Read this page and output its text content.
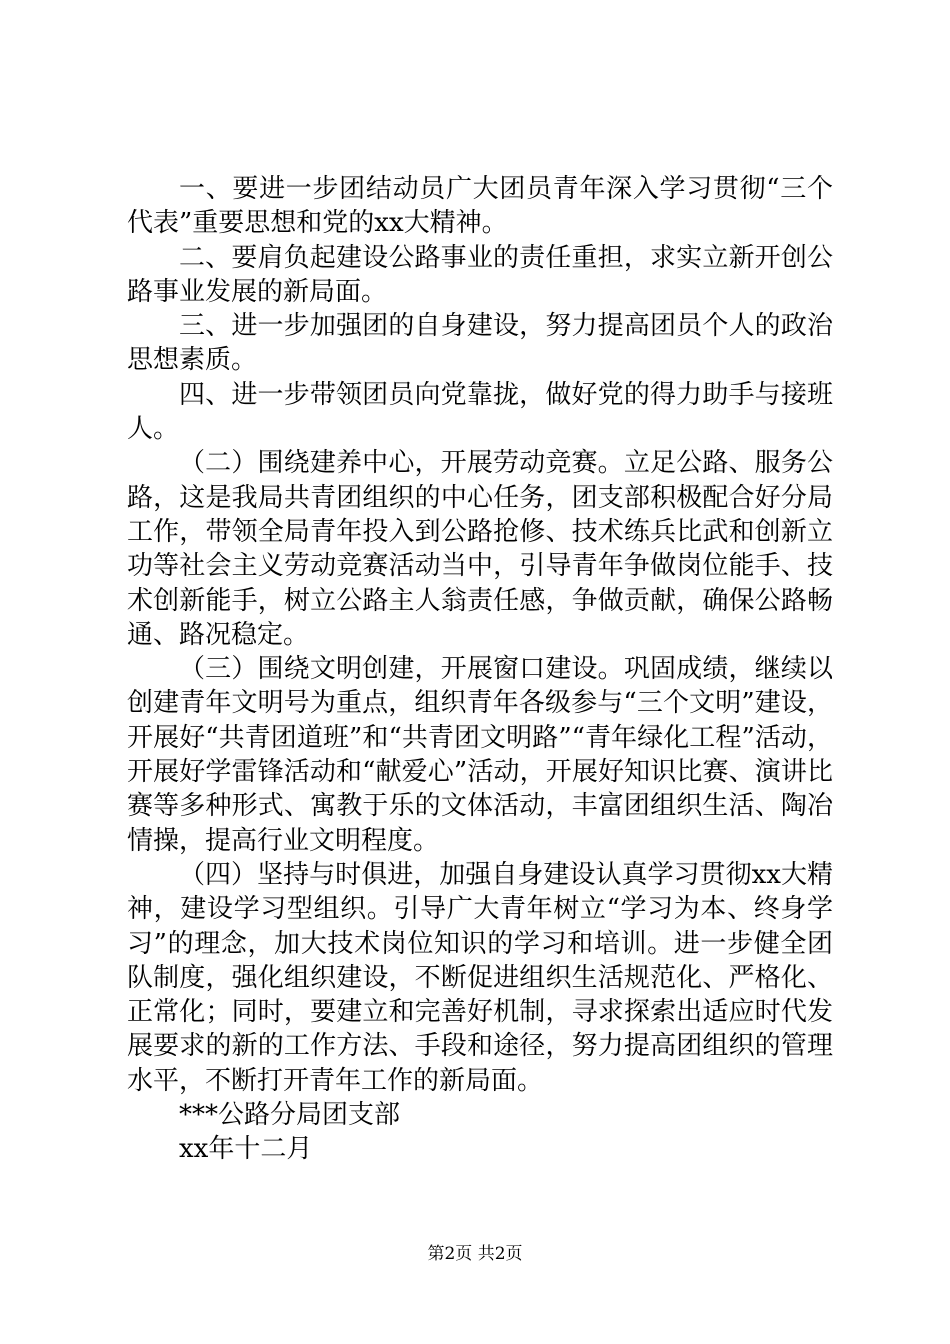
一、要进一步团结动员广大团员青年深入学习贯彻“三个代表”重要思想和党的xx大精神。

二、要肩负起建设公路事业的责任重担，求实立新开创公路事业发展的新局面。

三、进一步加强团的自身建设，努力提高团员个人的政治思想素质。

四、进一步带领团员向党靠拢，做好党的得力助手与接班人。

（二）围绕建养中心，开展劳动竞赛。立足公路、服务公路，这是我局共青团组织的中心任务，团支部积极配合好分局工作，带领全局青年投入到公路抢修、技术练兵比武和创新立功等社会主义劳动竞赛活动当中，引导青年争做岗位能手、技术创新能手，树立公路主人翁责任感，争做贡献，确保公路畅通、路况稳定。

（三）围绕文明创建，开展窗口建设。巩固成绩，继续以创建青年文明号为重点，组织青年各级参与“三个文明”建设，开展好“共青团道班”和“共青团文明路”“青年绿化工程”活动，开展好学雷锋活动和“献爱心”活动，开展好知识比赛、演讲比赛等多种形式、寓教于乐的文体活动，丰富团组织生活、陶冶情操，提高行业文明程度。

（四）坚持与时俱进，加强自身建设认真学习贯彻xx大精神，建设学习型组织。引导广大青年树立“学习为本、终身学习”的理念，加大技术岗位知识的学习和培训。进一步健全团队制度，强化组织建设，不断促进组织生活规范化、严格化、正常化；同时，要建立和完善好机制，寻求探索出适应时代发展要求的新的工作方法、手段和途径，努力提高团组织的管理水平，不断打开青年工作的新局面。

***公路分局团支部

xx年十二月

第2页 共2页
